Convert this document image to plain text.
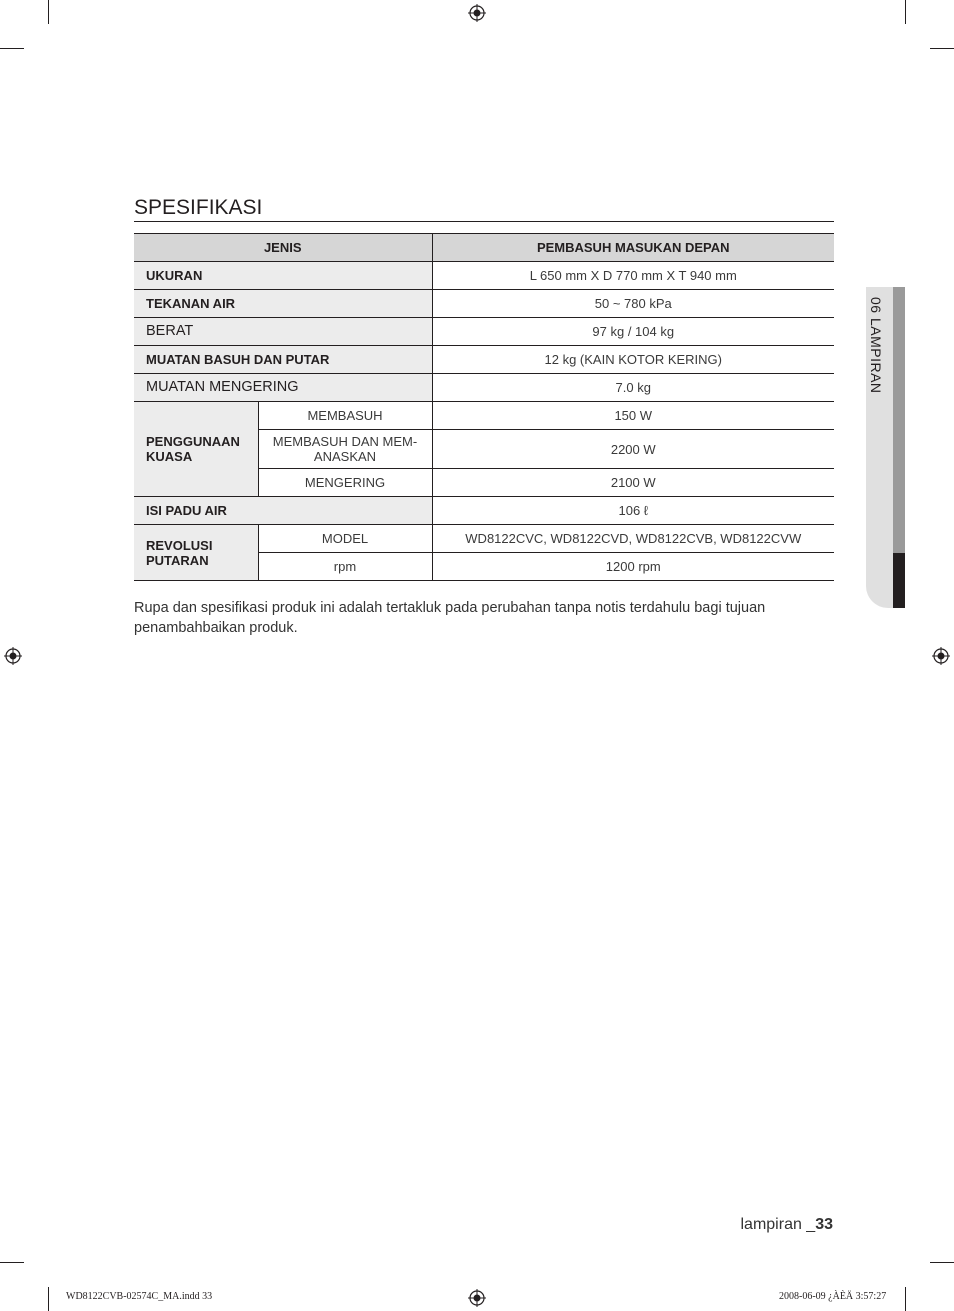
SPESIFIKASI
JENIS		PEMBASUH MASUKAN DEPAN
UKURAN		L 650 mm X D 770 mm X T 940 mm
TEKANAN AIR		50 ~ 780 kPa
BERAT		97 kg / 104 kg
MUATAN BASUH DAN PUTAR		12 kg (KAIN KOTOR KERING)
MUATAN MENGERING		7.0 kg
PENGGUNAAN KUASA	MEMBASUH	150 W
	MEMBASUH DAN MEM-ANASKAN	2200 W
	MENGERING	2100 W
ISI PADU AIR		106 ℓ
REVOLUSI PUTARAN	MODEL	WD8122CVC, WD8122CVD, WD8122CVB, WD8122CVW
	rpm	1200 rpm
Rupa dan spesifikasi produk ini adalah tertakluk pada perubahan tanpa notis terdahulu bagi tujuan penambahbaikan produk.
06 LAMPIRAN
lampiran _33
WD8122CVB-02574C_MA.indd 33	2008-06-09 ¿ÀÈÄ 3:57:27
